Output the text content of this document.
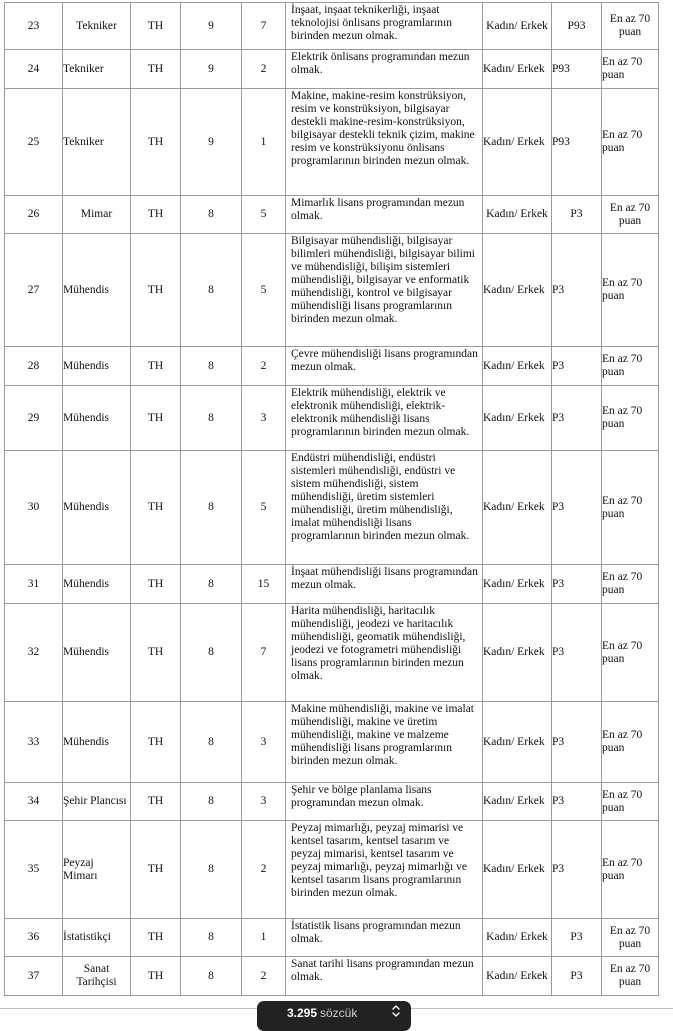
23	Tekniker	TH	9	7	İnşaat, inşaat teknikerliği, inşaat teknolojisi önlisans programlarının birinden mezun olmak.	Kadın/ Erkek	P93	En az 70 puan
24	Tekniker	TH	9	2	Elektrik önlisans programından mezun olmak.	Kadın/ Erkek	P93	En az 70 puan
25	Tekniker	TH	9	1	Makine, makine-resim konstrüksiyon, resim ve konstrüksiyon, bilgisayar destekli makine-resim-konstrüksiyon, bilgisayar destekli teknik çizim, makine resim ve konstrüksiyonu önlisans programlarının birinden mezun olmak.	Kadın/ Erkek	P93	En az 70 puan
26	Mimar	TH	8	5	Mimarlık lisans programından mezun olmak.	Kadın/ Erkek	P3	En az 70 puan
27	Mühendis	TH	8	5	Bilgisayar mühendisliği, bilgisayar bilimleri mühendisliği, bilgisayar bilimi ve mühendisliği, bilişim sistemleri mühendisliği, bilgisayar ve enformatik mühendisliği, kontrol ve bilgisayar mühendisliği lisans programlarının birinden mezun olmak.	Kadın/ Erkek	P3	En az 70 puan
28	Mühendis	TH	8	2	Çevre mühendisliği lisans programından mezun olmak.	Kadın/ Erkek	P3	En az 70 puan
29	Mühendis	TH	8	3	Elektrik mühendisliği, elektrik ve elektronik mühendisliği, elektrik-elektronik mühendisliği lisans programlarının birinden mezun olmak.	Kadın/ Erkek	P3	En az 70 puan
30	Mühendis	TH	8	5	Endüstri mühendisliği, endüstri sistemleri mühendisliği, endüstri ve sistem mühendisliği, sistem mühendisliği, üretim sistemleri mühendisliği, üretim mühendisliği, imalat mühendisliği lisans programlarının birinden mezun olmak.	Kadın/ Erkek	P3	En az 70 puan
31	Mühendis	TH	8	15	İnşaat mühendisliği lisans programından mezun olmak.	Kadın/ Erkek	P3	En az 70 puan
32	Mühendis	TH	8	7	Harita mühendisliği, haritacılık mühendisliği, jeodezi ve haritacılık mühendisliği, geomatik mühendisliği, jeodezi ve fotogrametri mühendisliği lisans programlarının birinden mezun olmak.	Kadın/ Erkek	P3	En az 70 puan
33	Mühendis	TH	8	3	Makine mühendisliği, makine ve imalat mühendisliği, makine ve üretim mühendisliği, makine ve malzeme mühendisliği lisans programlarının birinden mezun olmak.	Kadın/ Erkek	P3	En az 70 puan
34	Şehir Plancısı	TH	8	3	Şehir ve bölge planlama lisans programından mezun olmak.	Kadın/ Erkek	P3	En az 70 puan
35	Peyzaj Mimarı	TH	8	2	Peyzaj mimarlığı, peyzaj mimarisi ve kentsel tasarım, kentsel tasarım ve peyzaj mimarisi, kentsel tasarım ve peyzaj mimarlığı, peyzaj mimarlığı ve kentsel tasarım lisans programlarının birinden mezun olmak.	Kadın/ Erkek	P3	En az 70 puan
36	İstatistikçi	TH	8	1	İstatistik lisans programından mezun olmak.	Kadın/ Erkek	P3	En az 70 puan
37	Sanat Tarihçisi	TH	8	2	Sanat tarihi lisans programından mezun olmak.	Kadın/ Erkek	P3	En az 70 puan
3.295 sözcük
